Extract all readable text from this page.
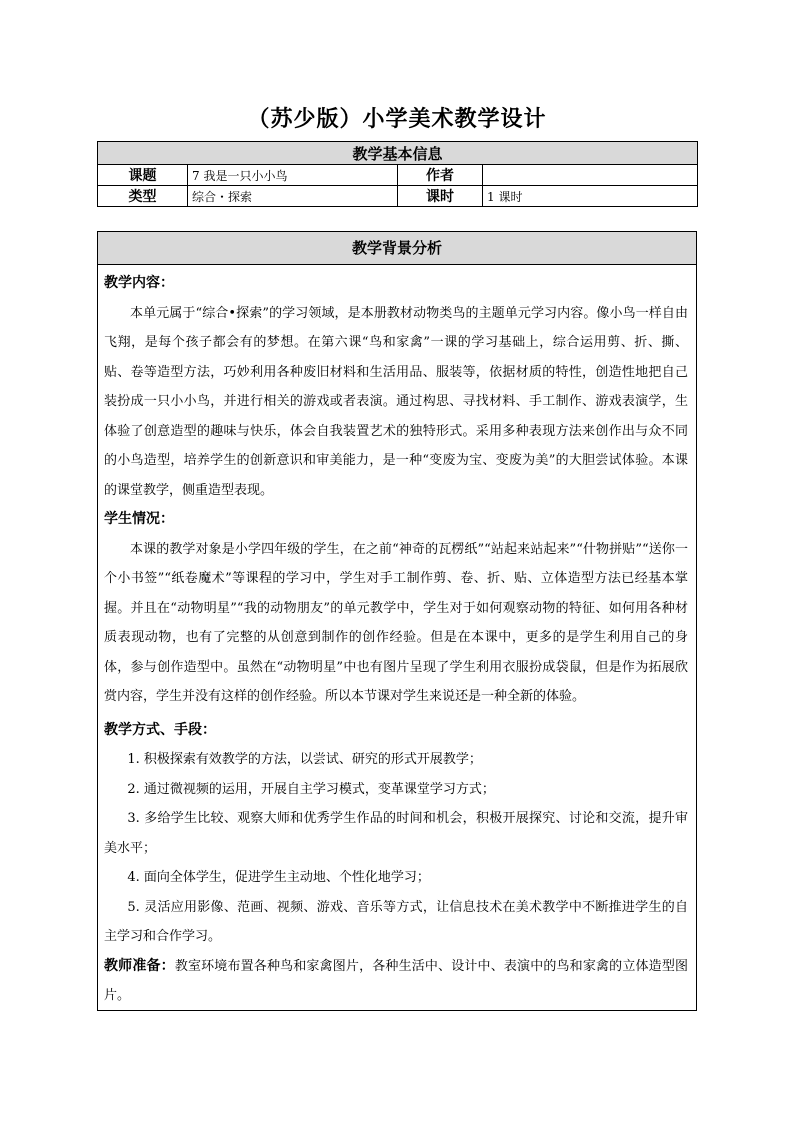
（苏少版）小学美术教学设计
教学基本信息			
课题	7 我是一只小小鸟	作者	
类型	综合・探索	课时	1 课时
教学背景分析

教学内容：

本单元属于“综合•探索”的学习领域，是本册教材动物类鸟的主题单元学习内容。像小鸟一样自由飞翔，是每个孩子都会有的梦想。在第六课“鸟和家禽”一课的学习基础上，综合运用剪、折、撕、贴、卷等造型方法，巧妙利用各种废旧材料和生活用品、服装等，依据材质的特性，创造性地把自己装扮成一只小小鸟，并进行相关的游戏或者表演。通过构思、寻找材料、手工制作、游戏表演学，生体验了创意造型的趣味与快乐，体会自我装置艺术的独特形式。采用多种表现方法来创作出与众不同的小鸟造型，培养学生的创新意识和审美能力，是一种“变废为宝、变废为美”的大胆尝试体验。本课的课堂教学，侧重造型表现。

学生情况：

本课的教学对象是小学四年级的学生，在之前“神奇的瓦楞纸”“站起来站起来”“什物拼贴”“送你一个小书签”“纸卷魔术”等课程的学习中，学生对手工制作剪、卷、折、贴、立体造型方法已经基本掌握。并且在“动物明星”“我的动物朋友”的单元教学中，学生对于如何观察动物的特征、如何用各种材质表现动物，也有了完整的从创意到制作的创作经验。但是在本课中，更多的是学生利用自己的身体，参与创作造型中。虽然在“动物明星”中也有图片呈现了学生利用衣服扮成袋鼠，但是作为拓展欣赏内容，学生并没有这样的创作经验。所以本节课对学生来说还是一种全新的体验。

教学方式、手段：

1. 积极探索有效教学的方法，以尝试、研究的形式开展教学；

2. 通过微视频的运用，开展自主学习模式，变革课堂学习方式；

3. 多给学生比较、观察大师和优秀学生作品的时间和机会，积极开展探究、讨论和交流，提升审美水平；

4. 面向全体学生，促进学生主动地、个性化地学习；

5. 灵活应用影像、范画、视频、游戏、音乐等方式，让信息技术在美术教学中不断推进学生的自主学习和合作学习。

教师准备：教室环境布置各种鸟和家禽图片，各种生活中、设计中、表演中的鸟和家禽的立体造型图片。
